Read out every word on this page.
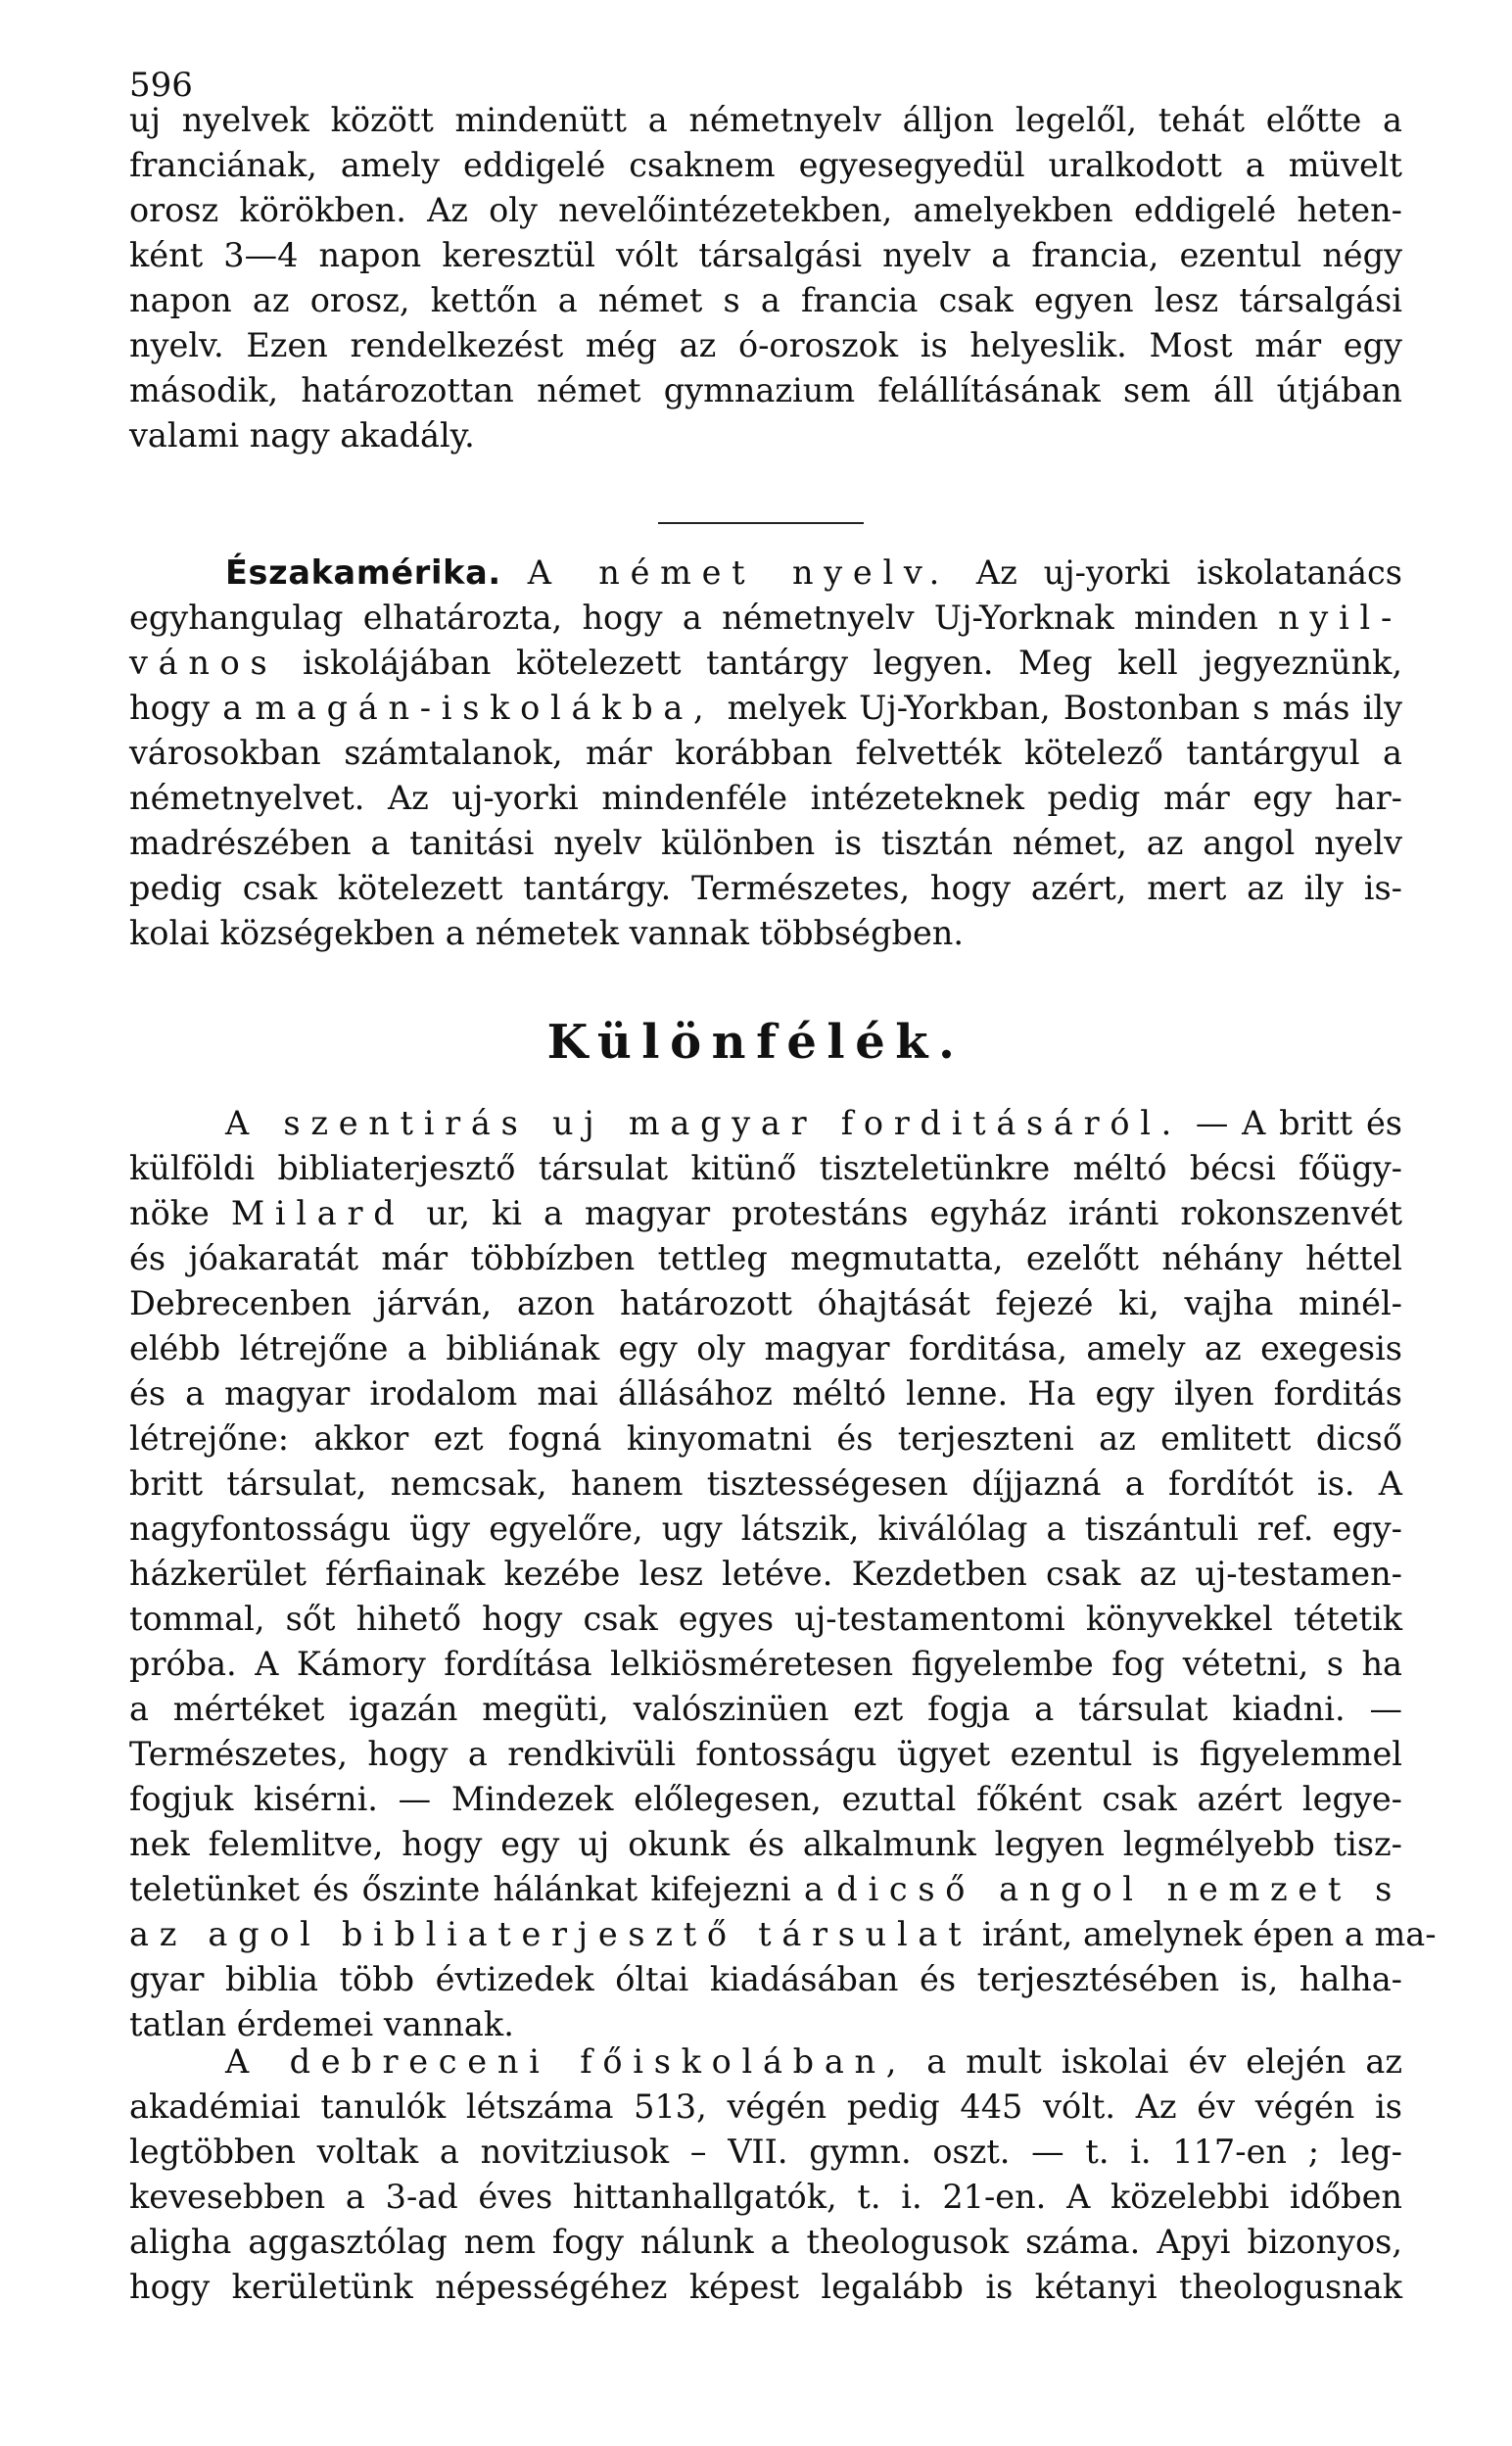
596
uj nyelvek között mindenütt a németnyelv álljon legelől, tehát előtte a
franciának, amely eddigelé csaknem egyesegyedül uralkodott a müvelt
orosz körökben. Az oly nevelőintézetekben, amelyekben eddigelé heten-
ként 3—4 napon keresztül vólt társalgási nyelv a francia, ezentul négy
napon az orosz, kettőn a német s a francia csak egyen lesz társalgási
nyelv. Ezen rendelkezést még az ó-oroszok is helyeslik. Most már egy
második, határozottan német gymnazium felállításának sem áll útjában
valami nagy akadály.
Északamérika. A német nyelv. Az uj-yorki iskolatanács
egyhangulag elhatározta, hogy a németnyelv Uj-Yorknak minden nyil-
vános iskolájában kötelezett tantárgy legyen. Meg kell jegyeznünk,
hogy a magán-iskolákba, melyek Uj-Yorkban, Bostonban s más ily
városokban számtalanok, már korábban felvették kötelező tantárgyul a
németnyelvet. Az uj-yorki mindenféle intézeteknek pedig már egy har-
madrészében a tanitási nyelv különben is tisztán német, az angol nyelv
pedig csak kötelezett tantárgy. Természetes, hogy azért, mert az ily is-
kolai községekben a németek vannak többségben.
Különfélék.
A szentirás uj magyar forditásáról. — A britt és
külföldi bibliaterjesztő társulat kitünő tiszteletünkre méltó bécsi főügy-
nöke Milard ur, ki a magyar protestáns egyház iránti rokonszenvét
és jóakaratát már többízben tettleg megmutatta, ezelőtt néhány héttel
Debrecenben járván, azon határozott óhajtását fejezé ki, vajha minél-
elébb létrejőne a bibliának egy oly magyar forditása, amely az exegesis
és a magyar irodalom mai állásához méltó lenne. Ha egy ilyen forditás
létrejőne: akkor ezt fogná kinyomatni és terjeszteni az emlitett dicső
britt társulat, nemcsak, hanem tisztességesen díjjazná a fordítót is. A
nagyfontosságu ügy egyelőre, ugy látszik, kiválólag a tiszántuli ref. egy-
házkerület férfiainak kezébe lesz letéve. Kezdetben csak az uj-testamen-
tommal, sőt hihető hogy csak egyes uj-testamentomi könyvekkel tétetik
próba. A Kámory fordítása lelkiösméretesen figyelembe fog vétetni, s ha
a mértéket igazán megüti, valószinüen ezt fogja a társulat kiadni. —
Természetes, hogy a rendkivüli fontosságu ügyet ezentul is figyelemmel
fogjuk kisérni. — Mindezek előlegesen, ezuttal főként csak azért legye-
nek felemlitve, hogy egy uj okunk és alkalmunk legyen legmélyebb tisz-
teletünket és őszinte hálánkat kifejezni a dicső angol nemzet s
az agol bibliaterjesztő társulat iránt, amelynek épen a ma-
gyar biblia több évtizedek óltai kiadásában és terjesztésében is, halha-
tatlan érdemei vannak.
A debreceni főiskolában, a mult iskolai év elején az
akadémiai tanulók létszáma 513, végén pedig 445 vólt. Az év végén is
legtöbben voltak a novitziusok – VII. gymn. oszt. — t. i. 117-en ; leg-
kevesebben a 3-ad éves hittanhallgatók, t. i. 21-en. A közelebbi időben
aligha aggasztólag nem fogy nálunk a theologusok száma. Apyi bizonyos,
hogy kerületünk népességéhez képest legalább is kétanyi theologusnak
